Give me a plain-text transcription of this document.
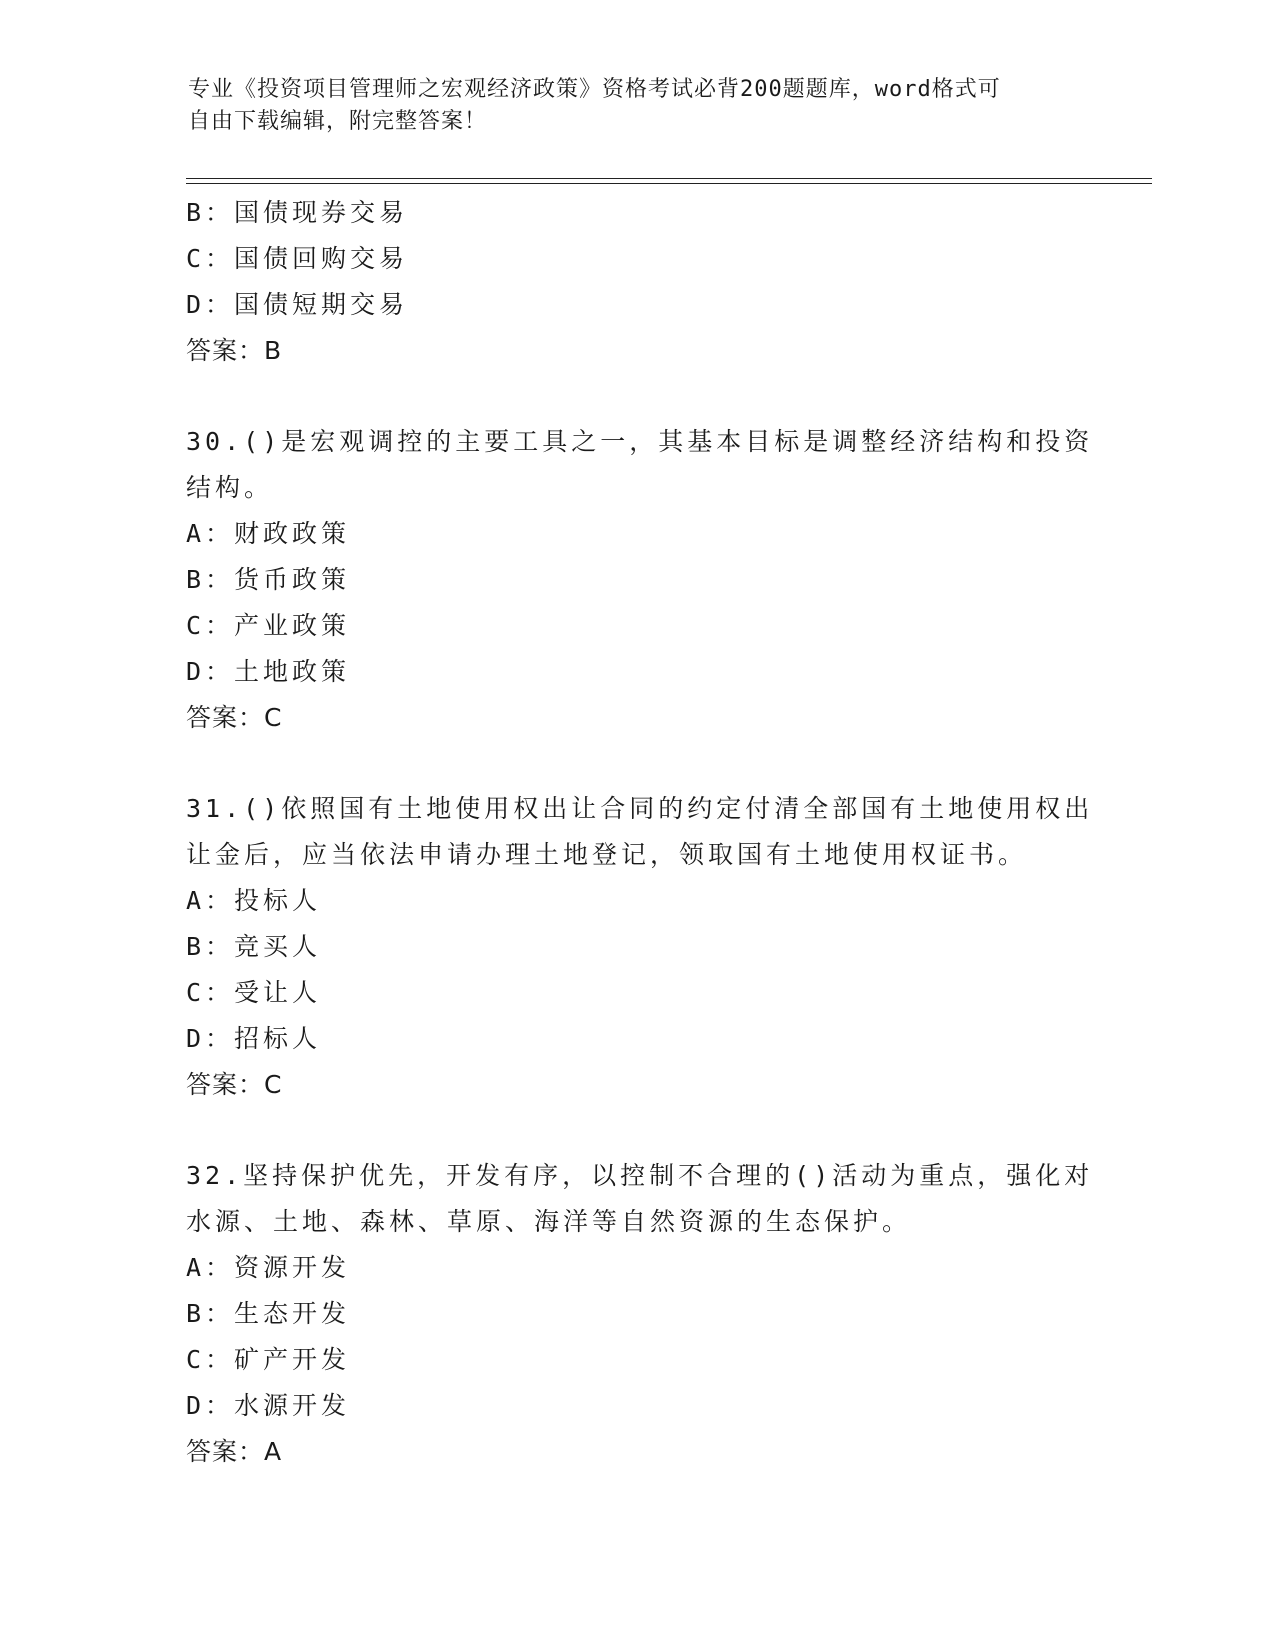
专业《投资项目管理师之宏观经济政策》资格考试必背200题题库，word格式可
自由下载编辑，附完整答案！
B：国债现券交易
C：国债回购交易
D：国债短期交易
答案：B
30.()是宏观调控的主要工具之一，其基本目标是调整经济结构和投资
结构。
A：财政政策
B：货币政策
C：产业政策
D：土地政策
答案：C
31.()依照国有土地使用权出让合同的约定付清全部国有土地使用权出
让金后，应当依法申请办理土地登记，领取国有土地使用权证书。
A：投标人
B：竞买人
C：受让人
D：招标人
答案：C
32.坚持保护优先，开发有序，以控制不合理的()活动为重点，强化对
水源、土地、森林、草原、海洋等自然资源的生态保护。
A：资源开发
B：生态开发
C：矿产开发
D：水源开发
答案：A
